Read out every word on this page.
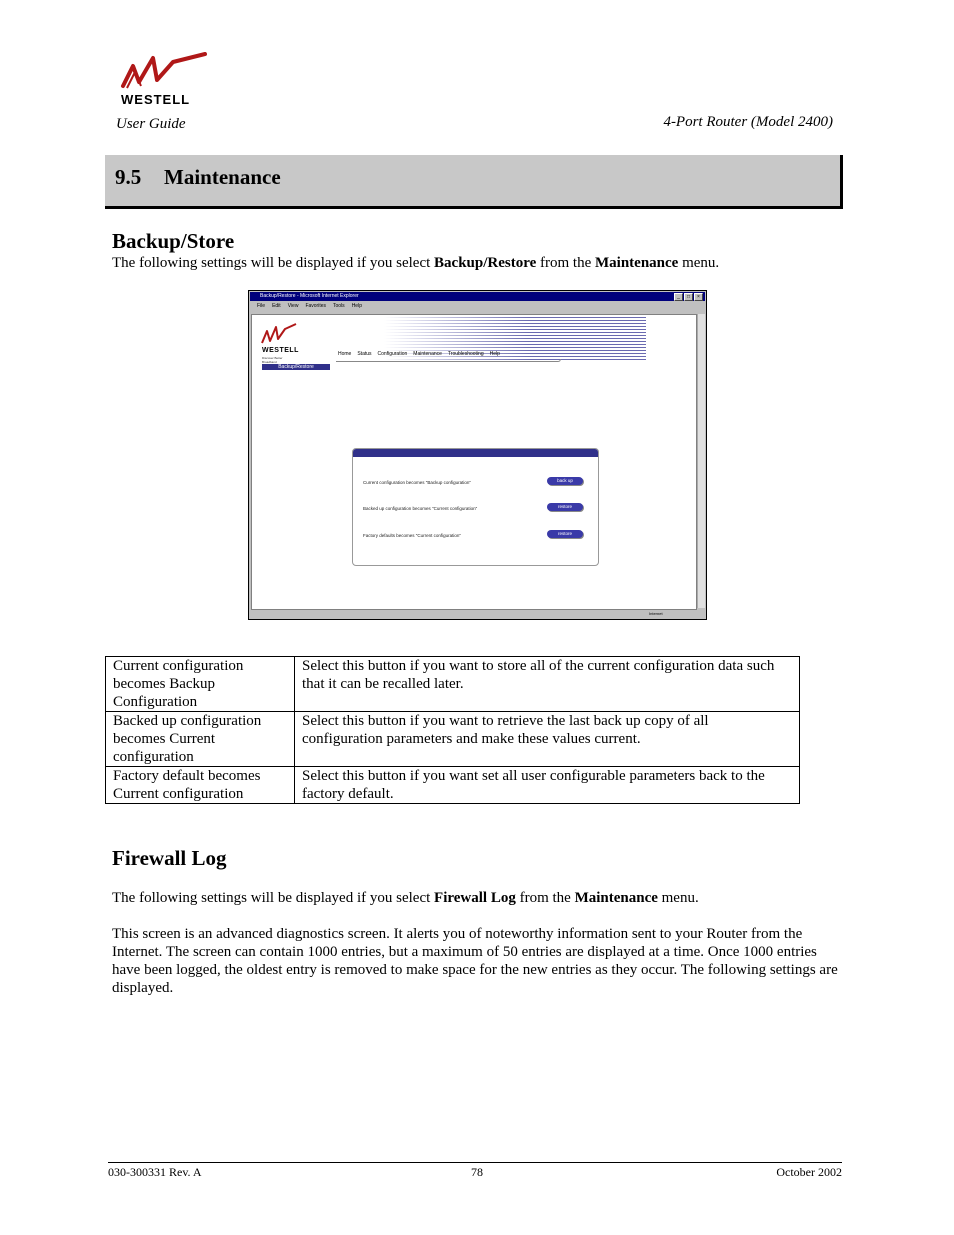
WESTELL
User Guide	4-Port Router (Model 2400)
9.5 Maintenance
Backup/Store

The following settings will be displayed if you select Backup/Restore from the Maintenance menu.

Backup/Restore - Microsoft Internet Explorer	_	□	×
File Edit View Favorites Tools Help
WESTELL
Discover Better Broadband
Home Status Configuration Maintenance Troubleshooting Help
Backup/Restore
Current configuration becomes "Backup configuration"	back up
Backed up configuration becomes "Current configuration"	restore
Factory defaults becomes "Current configuration"	restore
Internet
Current configuration becomes Backup Configuration	Select this button if you want to store all of the current configuration data such that it can be recalled later.
Backed up configuration becomes Current configuration	Select this button if you want to retrieve the last back up copy of all configuration parameters and make these values current.
Factory default becomes Current configuration	Select this button if you want set all user configurable parameters back to the factory default.
Firewall Log

The following settings will be displayed if you select Firewall Log from the Maintenance menu.

This screen is an advanced diagnostics screen. It alerts you of noteworthy information sent to your Router from the Internet. The screen can contain 1000 entries, but a maximum of 50 entries are displayed at a time. Once 1000 entries have been logged, the oldest entry is removed to make space for the new entries as they occur. The following settings are displayed.

030-300331 Rev. A	78	October 2002
